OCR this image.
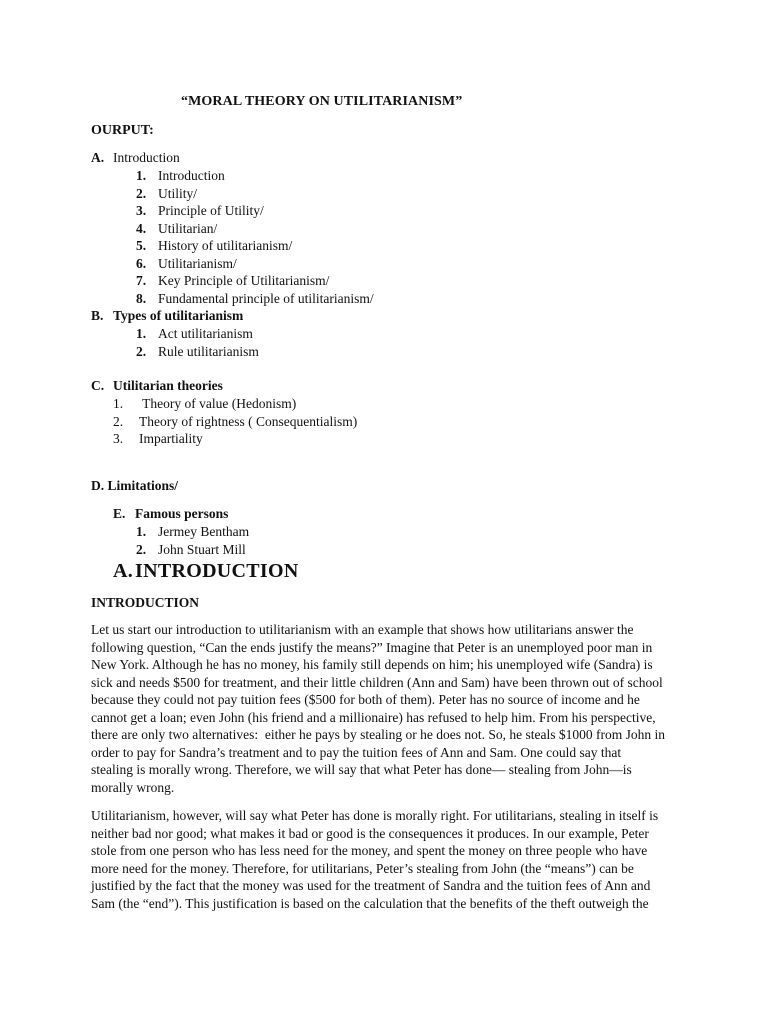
“MORAL THEORY ON UTILITARIANISM”
OURPUT:
A. Introduction
1. Introduction
2. Utility/
3. Principle of Utility/
4. Utilitarian/
5. History of utilitarianism/
6. Utilitarianism/
7. Key Principle of Utilitarianism/
8. Fundamental principle of utilitarianism/
B. Types of utilitarianism
1. Act utilitarianism
2. Rule utilitarianism
C. Utilitarian theories
1. Theory of value (Hedonism)
2. Theory of rightness ( Consequentialism)
3. Impartiality
D. Limitations/
E. Famous persons
1. Jermey Bentham
2. John Stuart Mill
A.INTRODUCTION
INTRODUCTION
Let us start our introduction to utilitarianism with an example that shows how utilitarians answer the
following question, “Can the ends justify the means?” Imagine that Peter is an unemployed poor man in
New York. Although he has no money, his family still depends on him; his unemployed wife (Sandra) is
sick and needs $500 for treatment, and their little children (Ann and Sam) have been thrown out of school
because they could not pay tuition fees ($500 for both of them). Peter has no source of income and he
cannot get a loan; even John (his friend and a millionaire) has refused to help him. From his perspective,
there are only two alternatives:  either he pays by stealing or he does not. So, he steals $1000 from John in
order to pay for Sandra’s treatment and to pay the tuition fees of Ann and Sam. One could say that
stealing is morally wrong. Therefore, we will say that what Peter has done— stealing from John—is
morally wrong.
Utilitarianism, however, will say what Peter has done is morally right. For utilitarians, stealing in itself is
neither bad nor good; what makes it bad or good is the consequences it produces. In our example, Peter
stole from one person who has less need for the money, and spent the money on three people who have
more need for the money. Therefore, for utilitarians, Peter’s stealing from John (the “means”) can be
justified by the fact that the money was used for the treatment of Sandra and the tuition fees of Ann and
Sam (the “end”). This justification is based on the calculation that the benefits of the theft outweigh the
